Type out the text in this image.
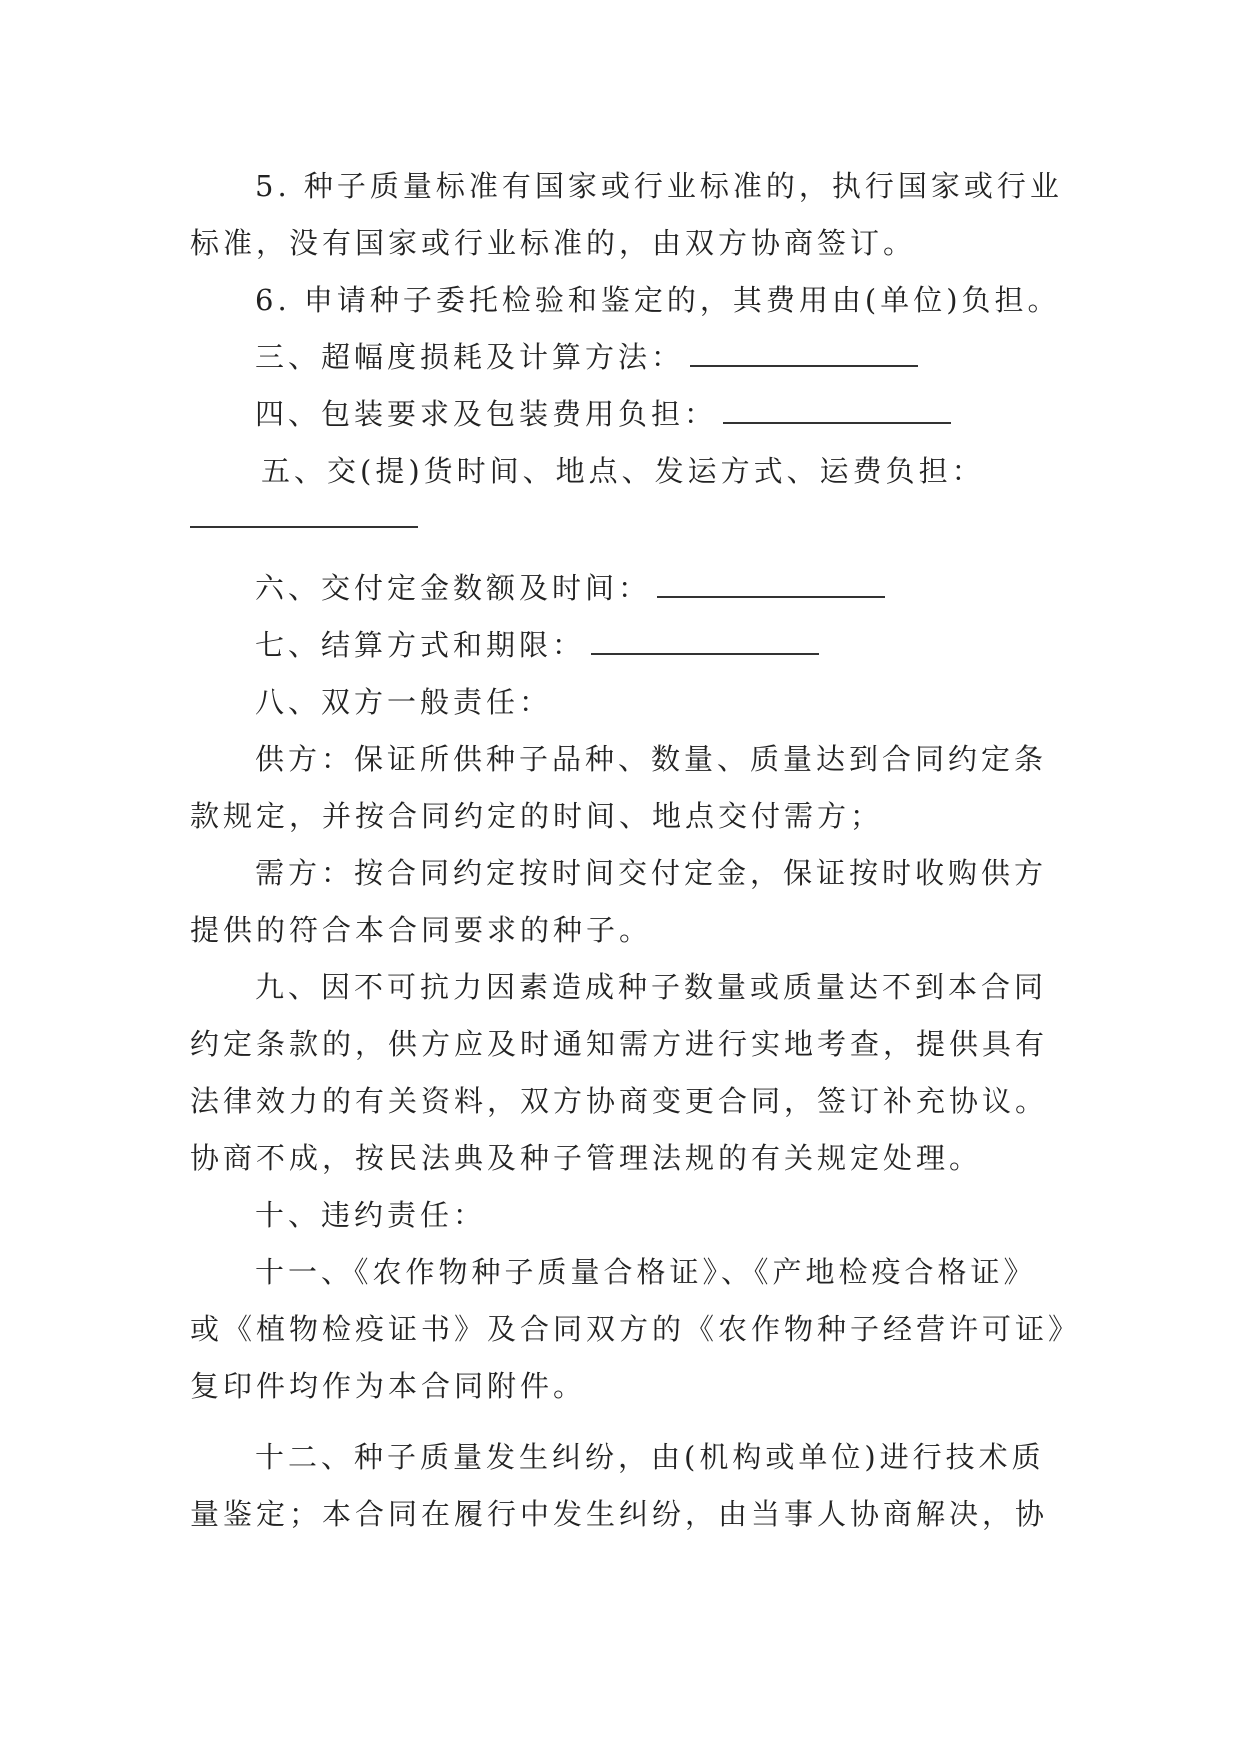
5. 种子质量标准有国家或行业标准的，执行国家或行业
标准，没有国家或行业标准的，由双方协商签订。
6. 申请种子委托检验和鉴定的，其费用由(单位)负担。
三、超幅度损耗及计算方法：
四、包装要求及包装费用负担：
五、交(提)货时间、地点、发运方式、运费负担：
六、交付定金数额及时间：
七、结算方式和期限：
八、双方一般责任：
供方：保证所供种子品种、数量、质量达到合同约定条
款规定，并按合同约定的时间、地点交付需方；
需方：按合同约定按时间交付定金，保证按时收购供方
提供的符合本合同要求的种子。
九、因不可抗力因素造成种子数量或质量达不到本合同
约定条款的，供方应及时通知需方进行实地考查，提供具有
法律效力的有关资料，双方协商变更合同，签订补充协议。
协商不成，按民法典及种子管理法规的有关规定处理。
十、违约责任：
十一、《农作物种子质量合格证》、《产地检疫合格证》
或《植物检疫证书》及合同双方的《农作物种子经营许可证》
复印件均作为本合同附件。
十二、种子质量发生纠纷，由(机构或单位)进行技术质
量鉴定；本合同在履行中发生纠纷，由当事人协商解决，协
